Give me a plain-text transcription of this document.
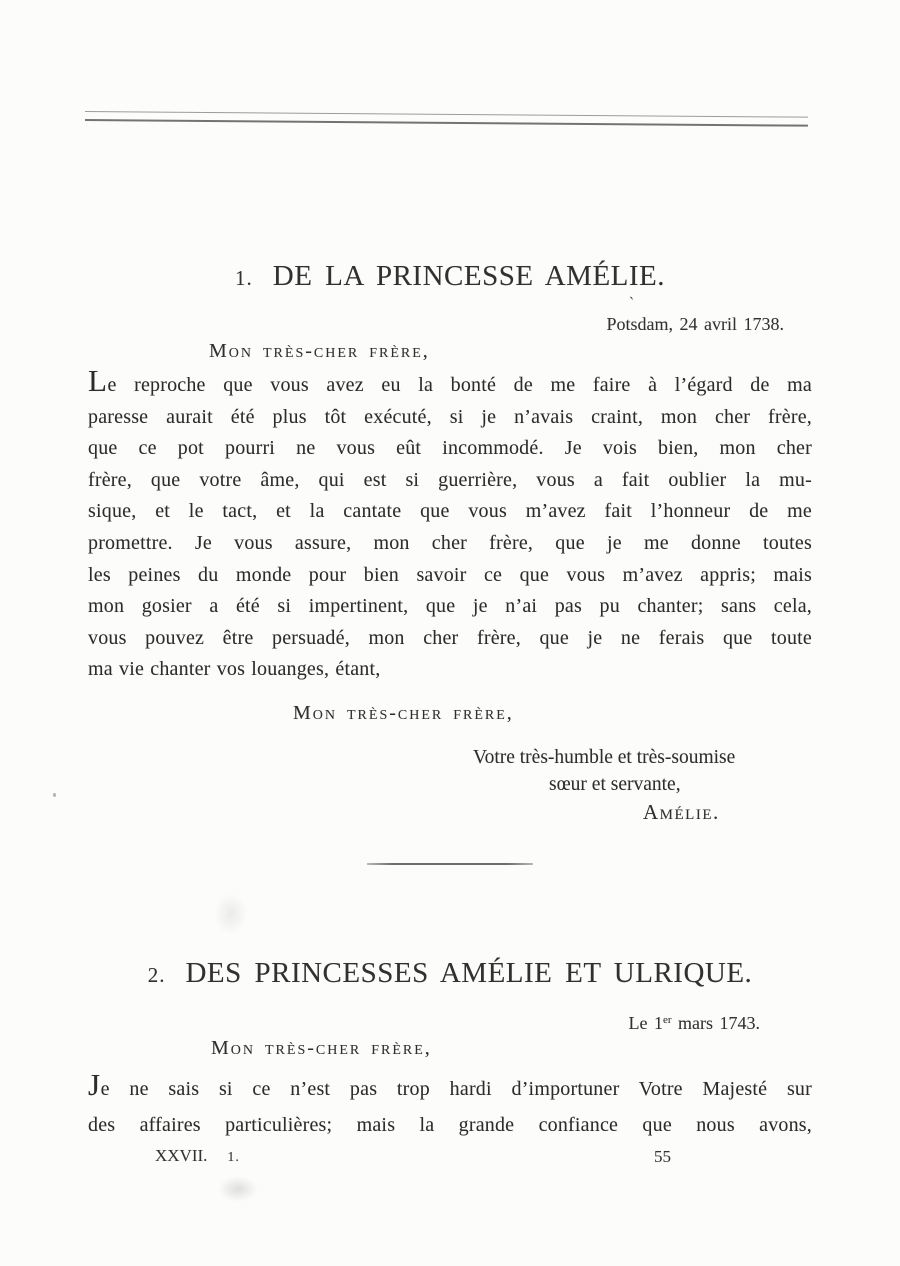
1. DE LA PRINCESSE AMÉLIE.
`
Potsdam, 24 avril 1738.
Mon très-cher frère,
Le reproche que vous avez eu la bonté de me faire à l’égard de ma
paresse aurait été plus tôt exécuté, si je n’avais craint, mon cher frère,
que ce pot pourri ne vous eût incommodé. Je vois bien, mon cher
frère, que votre âme, qui est si guerrière, vous a fait oublier la mu-
sique, et le tact, et la cantate que vous m’avez fait l’honneur de me
promettre. Je vous assure, mon cher frère, que je me donne toutes
les peines du monde pour bien savoir ce que vous m’avez appris; mais
mon gosier a été si impertinent, que je n’ai pas pu chanter; sans cela,
vous pouvez être persuadé, mon cher frère, que je ne ferais que toute
ma vie chanter vos louanges, étant,
Mon très-cher frère,
Votre très-humble et très-soumise
sœur et servante,
Amélie.
2. DES PRINCESSES AMÉLIE ET ULRIQUE.
Le 1er mars 1743.
Mon très-cher frère,
Je ne sais si ce n’est pas trop hardi d’importuner Votre Majesté sur
des affaires particulières; mais la grande confiance que nous avons,
XXVII. 1.	55
